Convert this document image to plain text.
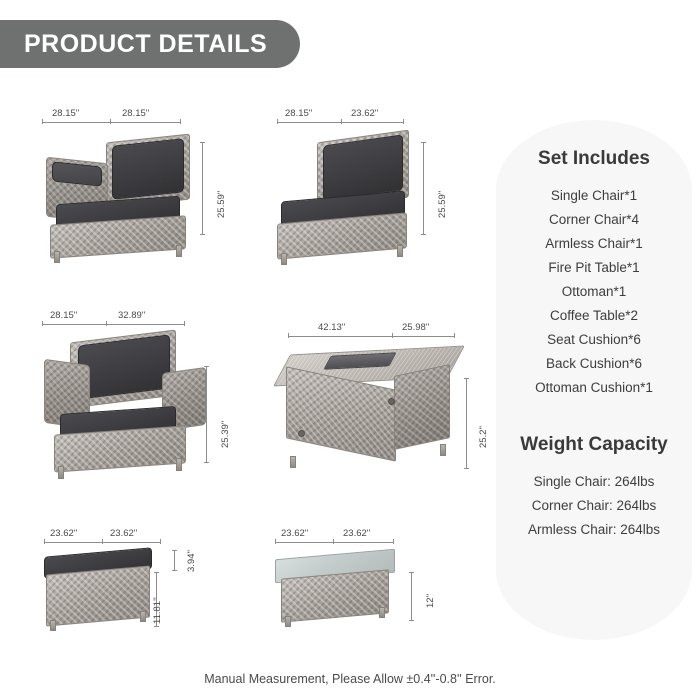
PRODUCT DETAILS
28.15''	28.15''
25.59''
28.15''	23.62''
25.59''
28.15''	32.89''
25.39''
42.13''	25.98''
25.2''
23.62''	23.62''
3.94''
11.81''
23.62''	23.62''
12''
Set Includes
Single Chair*1
Corner Chair*4
Armless Chair*1
Fire Pit Table*1
Ottoman*1
Coffee Table*2
Seat Cushion*6
Back Cushion*6
Ottoman Cushion*1
Weight Capacity
Single Chair: 264lbs
Corner Chair: 264lbs
Armless Chair: 264lbs
Manual Measurement, Please Allow ±0.4''-0.8'' Error.
